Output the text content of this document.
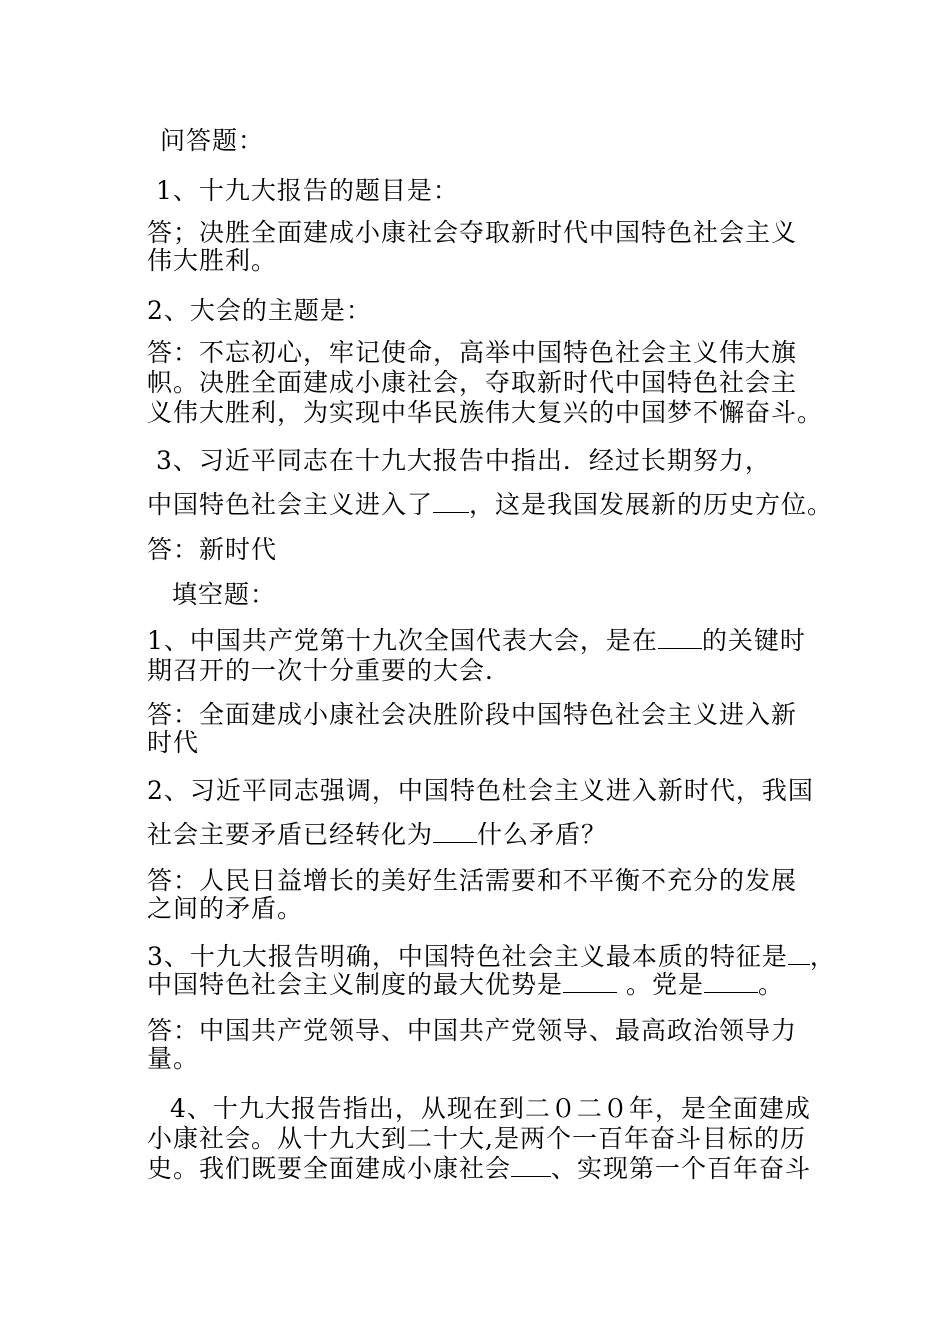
问答题：

1、十九大报告的题目是：

答；决胜全面建成小康社会夺取新时代中国特色社会主义

伟大胜利。

2、大会的主题是：

答：不忘初心，牢记使命，高举中国特色社会主义伟大旗

帜。决胜全面建成小康社会，夺取新时代中国特色社会主

义伟大胜利，为实现中华民族伟大复兴的中国梦不懈奋斗。

3、习近平同志在十九大报告中指出．经过长期努力，

中国特色社会主义进入了 ，这是我国发展新的历史方位。

答：新时代

填空题：

1、中国共产党第十九次全国代表大会，是在 的关键时

期召开的一次十分重要的大会．

答：全面建成小康社会决胜阶段中国特色社会主义进入新

时代

2、习近平同志强调，中国特色杜会主义进入新时代，我国

社会主要矛盾已经转化为 什么矛盾？

答：人民日益增长的美好生活需要和不平衡不充分的发展

之间的矛盾。

3、十九大报告明确，中国特色社会主义最本质的特征是 ，

中国特色社会主义制度的最大优势是 。党是 。

答：中国共产党领导、中国共产党领导、最高政治领导力

量。

4、十九大报告指出，从现在到二０二０年，是全面建成

小康社会。从十九大到二十大,是两个一百年奋斗目标的历

史。我们既要全面建成小康社会 、实现第一个百年奋斗
